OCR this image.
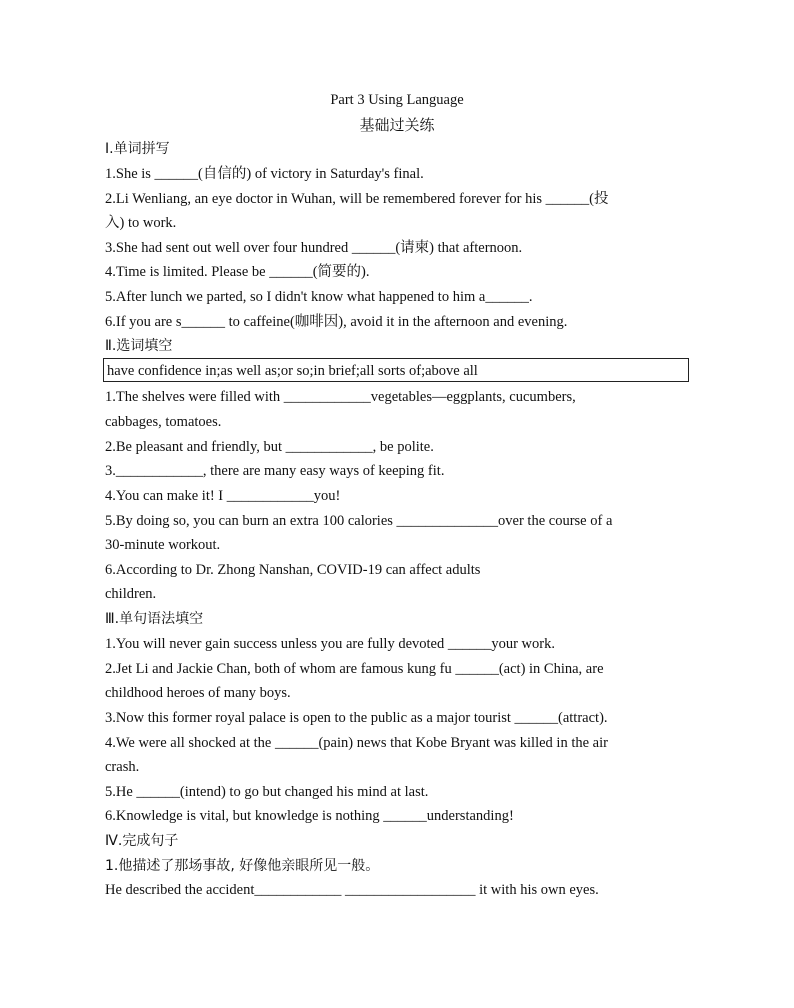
Part 3 Using Language
基础过关练
Ⅰ.单词拼写
1.She is ______(自信的) of victory in Saturday's final.
2.Li Wenliang, an eye doctor in Wuhan, will be remembered forever for his ______(投
入) to work.
3.She had sent out well over four hundred ______(请柬) that afternoon.
4.Time is limited. Please be ______(简要的).
5.After lunch we parted, so I didn't know what happened to him a______.
6.If you are s______ to caffeine(咖啡因), avoid it in the afternoon and evening.
Ⅱ.选词填空
have confidence in;as well as;or so;in brief;all sorts of;above all
1.The shelves were filled with ____________vegetables—eggplants, cucumbers,
cabbages, tomatoes.
2.Be pleasant and friendly, but ____________, be polite.
3.____________, there are many easy ways of keeping fit.
4.You can make it! I ____________you!
5.By doing so, you can burn an extra 100 calories ______________over the course of a
30-minute workout.
6.According to Dr. Zhong Nanshan, COVID-19 can affect adults
children.
Ⅲ.单句语法填空
1.You will never gain success unless you are fully devoted ______your work.
2.Jet Li and Jackie Chan, both of whom are famous kung fu ______(act) in China, are
childhood heroes of many boys.
3.Now this former royal palace is open to the public as a major tourist ______(attract).
4.We were all shocked at the ______(pain) news that Kobe Bryant was killed in the air
crash.
5.He ______(intend) to go but changed his mind at last.
6.Knowledge is vital, but knowledge is nothing ______understanding!
Ⅳ.完成句子
1.他描述了那场事故, 好像他亲眼所见一般。
He described the accident____________ __________________ it with his own eyes.
